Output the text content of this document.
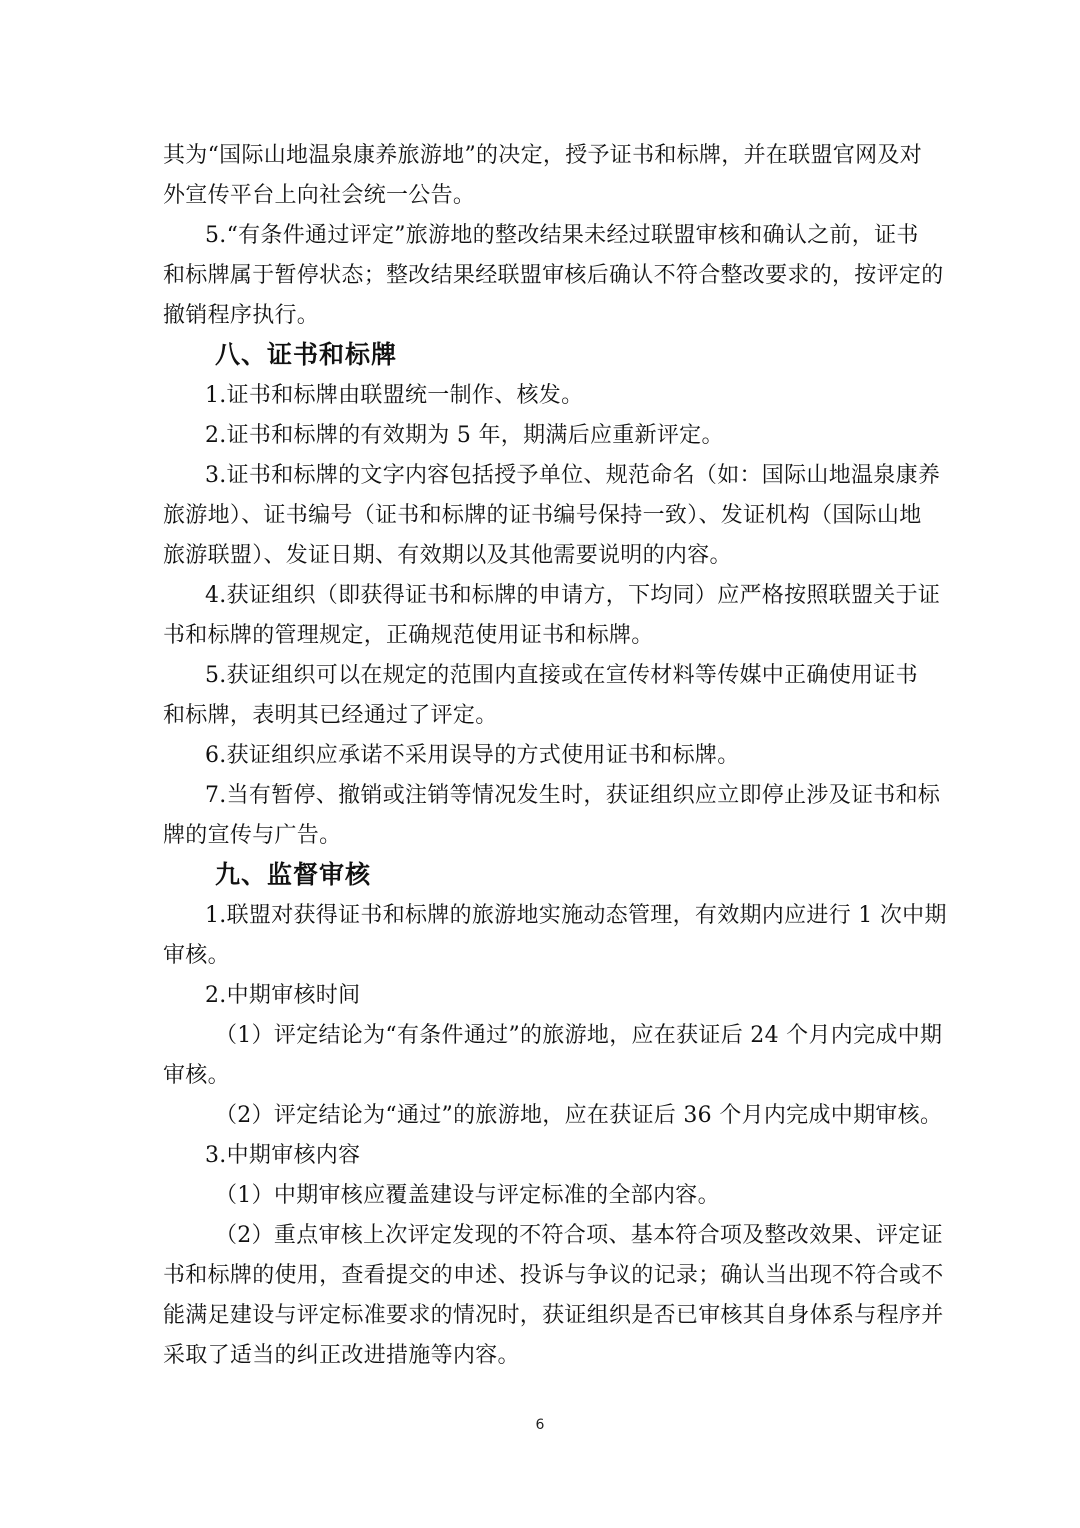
其为“国际山地温泉康养旅游地”的决定，授予证书和标牌，并在联盟官网及对
外宣传平台上向社会统一公告。
5.“有条件通过评定”旅游地的整改结果未经过联盟审核和确认之前，证书
和标牌属于暂停状态；整改结果经联盟审核后确认不符合整改要求的，按评定的
撤销程序执行。
八、证书和标牌
1.证书和标牌由联盟统一制作、核发。
2.证书和标牌的有效期为 5 年，期满后应重新评定。
3.证书和标牌的文字内容包括授予单位、规范命名（如：国际山地温泉康养
旅游地）、证书编号（证书和标牌的证书编号保持一致）、发证机构（国际山地
旅游联盟）、发证日期、有效期以及其他需要说明的内容。
4.获证组织（即获得证书和标牌的申请方，下均同）应严格按照联盟关于证
书和标牌的管理规定，正确规范使用证书和标牌。
5.获证组织可以在规定的范围内直接或在宣传材料等传媒中正确使用证书
和标牌，表明其已经通过了评定。
6.获证组织应承诺不采用误导的方式使用证书和标牌。
7.当有暂停、撤销或注销等情况发生时，获证组织应立即停止涉及证书和标
牌的宣传与广告。
九、监督审核
1.联盟对获得证书和标牌的旅游地实施动态管理，有效期内应进行 1 次中期
审核。
2.中期审核时间
（1）评定结论为“有条件通过”的旅游地，应在获证后 24 个月内完成中期
审核。
（2）评定结论为“通过”的旅游地，应在获证后 36 个月内完成中期审核。
3.中期审核内容
（1）中期审核应覆盖建设与评定标准的全部内容。
（2）重点审核上次评定发现的不符合项、基本符合项及整改效果、评定证
书和标牌的使用，查看提交的申述、投诉与争议的记录；确认当出现不符合或不
能满足建设与评定标准要求的情况时，获证组织是否已审核其自身体系与程序并
采取了适当的纠正改进措施等内容。
6
